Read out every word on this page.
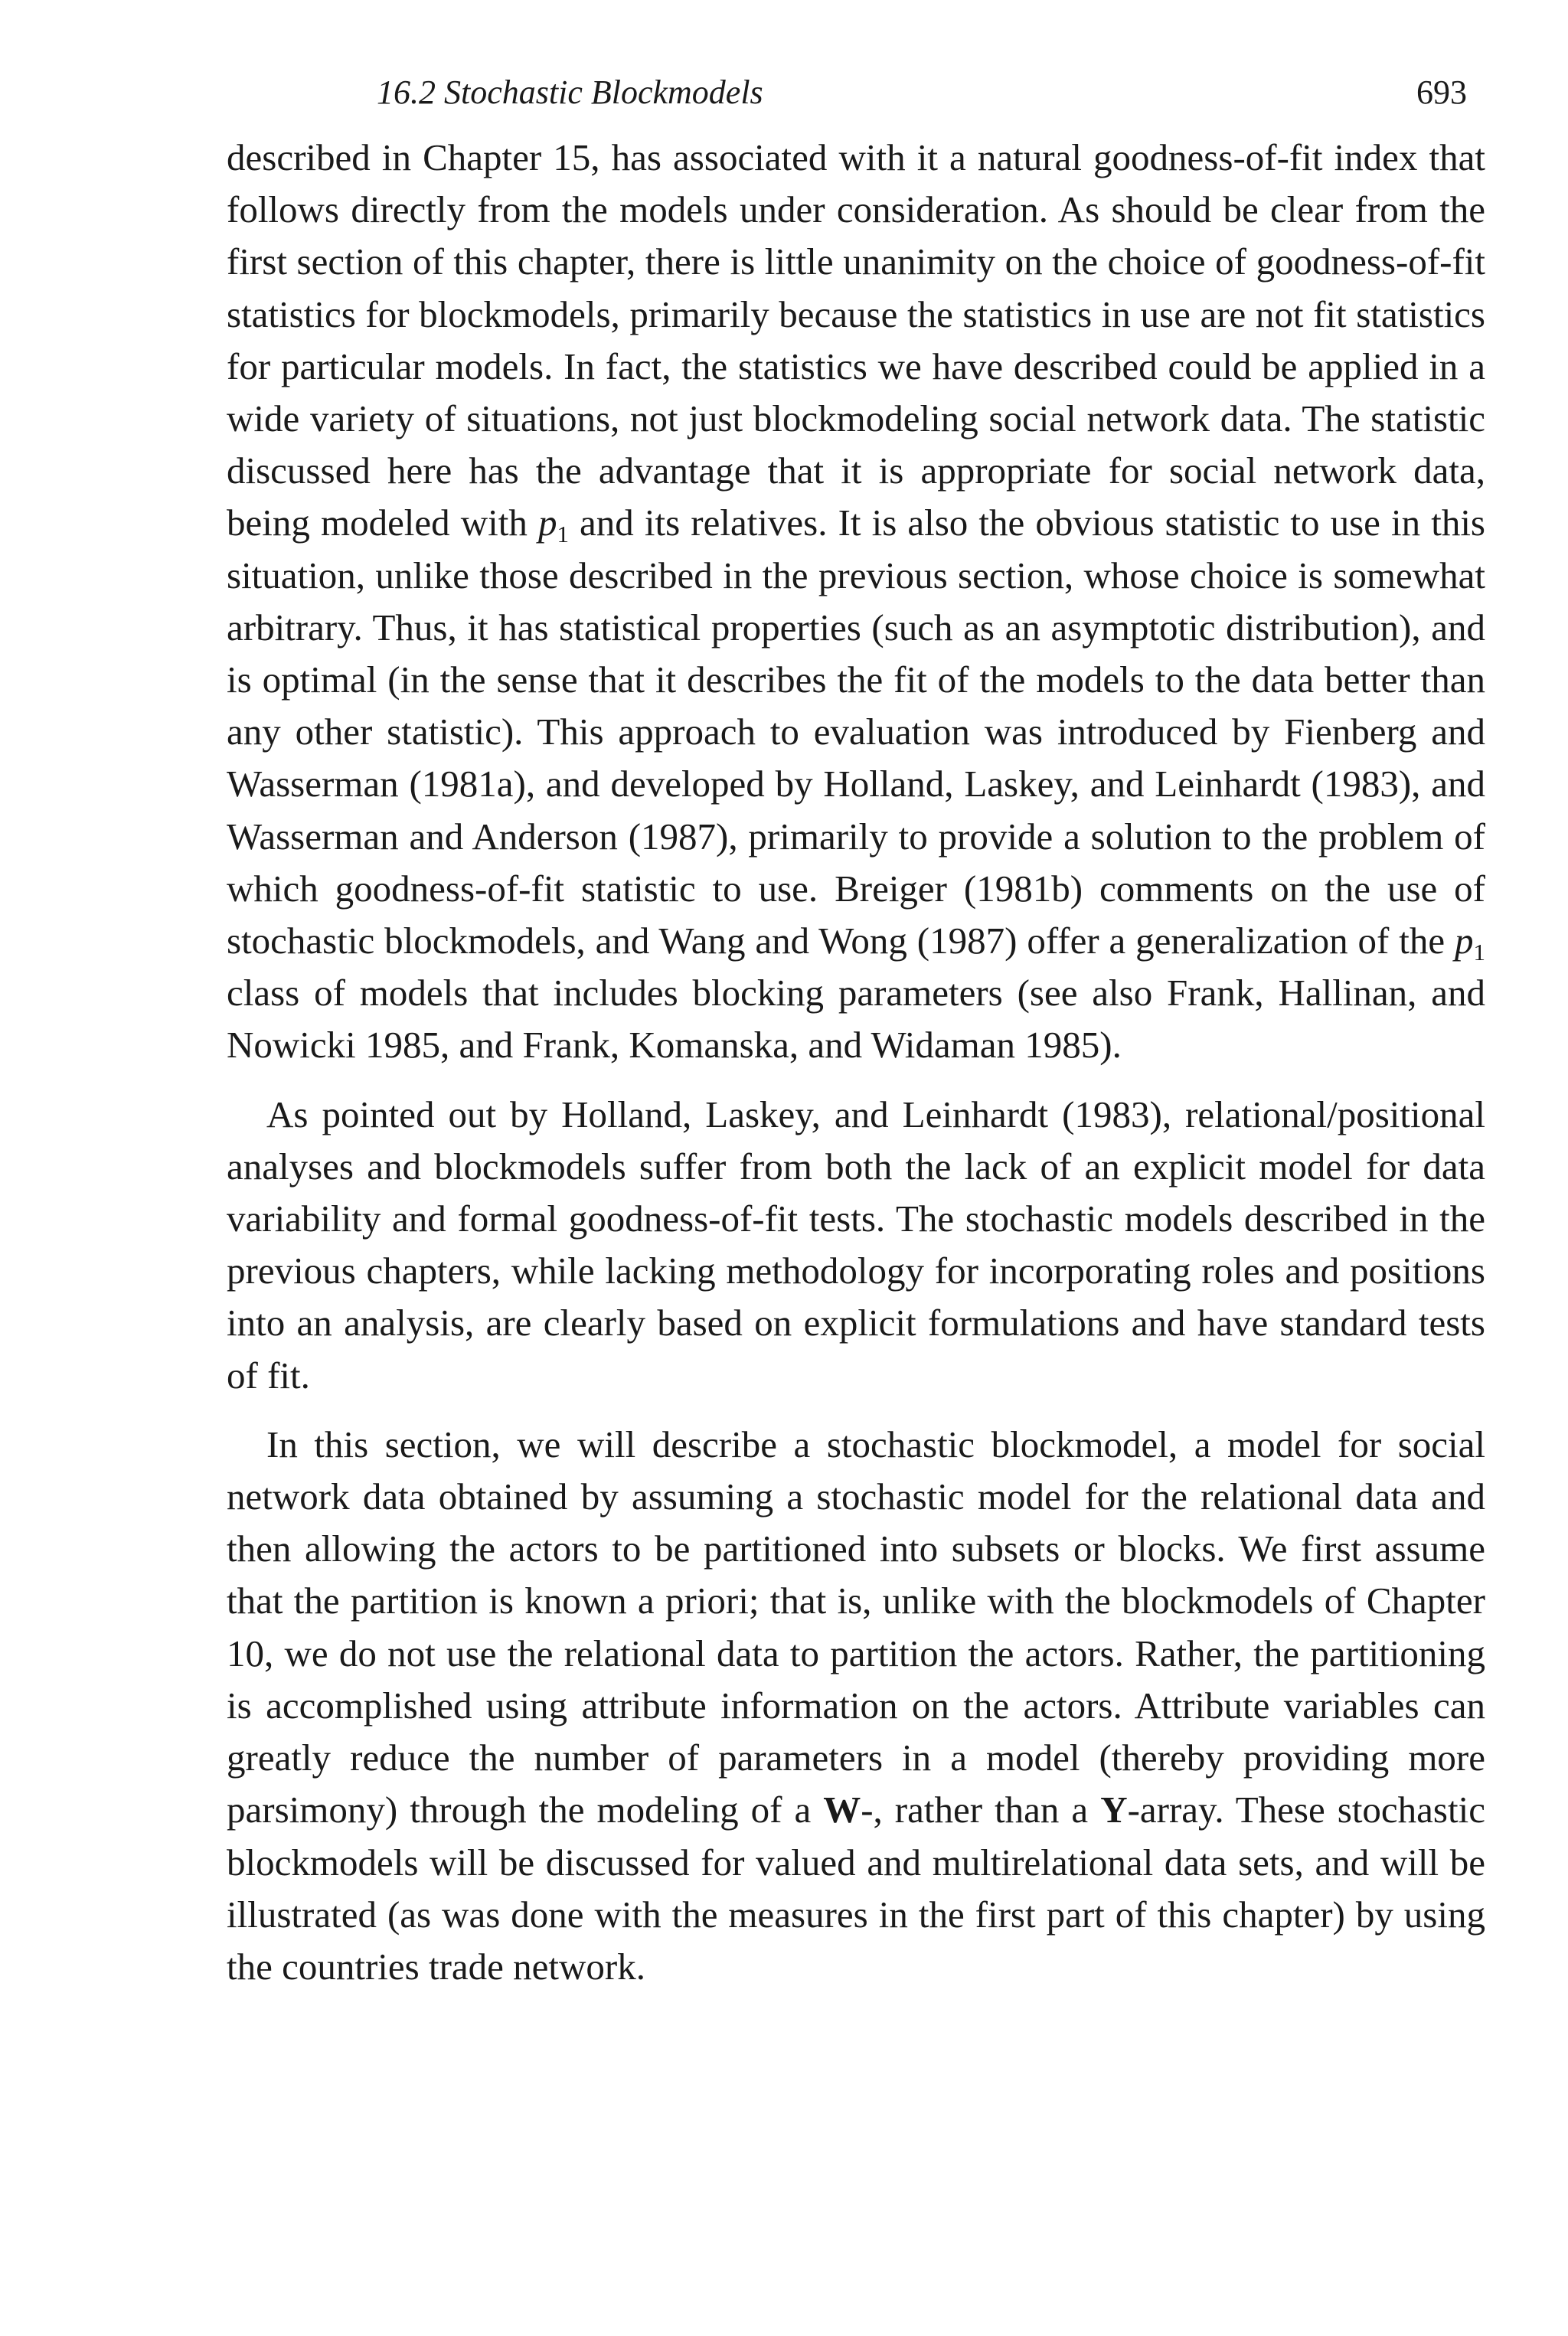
16.2 Stochastic Blockmodels	693

described in Chapter 15, has associated with it a natural goodness-of-fit index that follows directly from the models under consideration. As should be clear from the first section of this chapter, there is little unanimity on the choice of goodness-of-fit statistics for blockmodels, primarily because the statistics in use are not fit statistics for particular models. In fact, the statistics we have described could be applied in a wide variety of situations, not just blockmodeling social network data. The statistic discussed here has the advantage that it is appropriate for social network data, being modeled with $p_1$ and its relatives. It is also the obvious statistic to use in this situation, unlike those described in the previous section, whose choice is somewhat arbitrary. Thus, it has statistical properties (such as an asymptotic distribution), and is optimal (in the sense that it describes the fit of the models to the data better than any other statistic). This approach to evaluation was introduced by Fienberg and Wasserman (1981a), and developed by Holland, Laskey, and Leinhardt (1983), and Wasserman and Anderson (1987), primarily to provide a solution to the problem of which goodness-of-fit statistic to use. Breiger (1981b) comments on the use of stochastic blockmodels, and Wang and Wong (1987) offer a generalization of the $p_1$ class of models that includes blocking parameters (see also Frank, Hallinan, and Nowicki 1985, and Frank, Komanska, and Widaman 1985).

As pointed out by Holland, Laskey, and Leinhardt (1983), relational/positional analyses and blockmodels suffer from both the lack of an explicit model for data variability and formal goodness-of-fit tests. The stochastic models described in the previous chapters, while lacking methodology for incorporating roles and positions into an analysis, are clearly based on explicit formulations and have standard tests of fit.

In this section, we will describe a stochastic blockmodel, a model for social network data obtained by assuming a stochastic model for the relational data and then allowing the actors to be partitioned into subsets or blocks. We first assume that the partition is known a priori; that is, unlike with the blockmodels of Chapter 10, we do not use the relational data to partition the actors. Rather, the partitioning is accomplished using attribute information on the actors. Attribute variables can greatly reduce the number of parameters in a model (thereby providing more parsimony) through the modeling of a W-, rather than a Y-array. These stochastic blockmodels will be discussed for valued and multirelational data sets, and will be illustrated (as was done with the measures in the first part of this chapter) by using the countries trade network.
